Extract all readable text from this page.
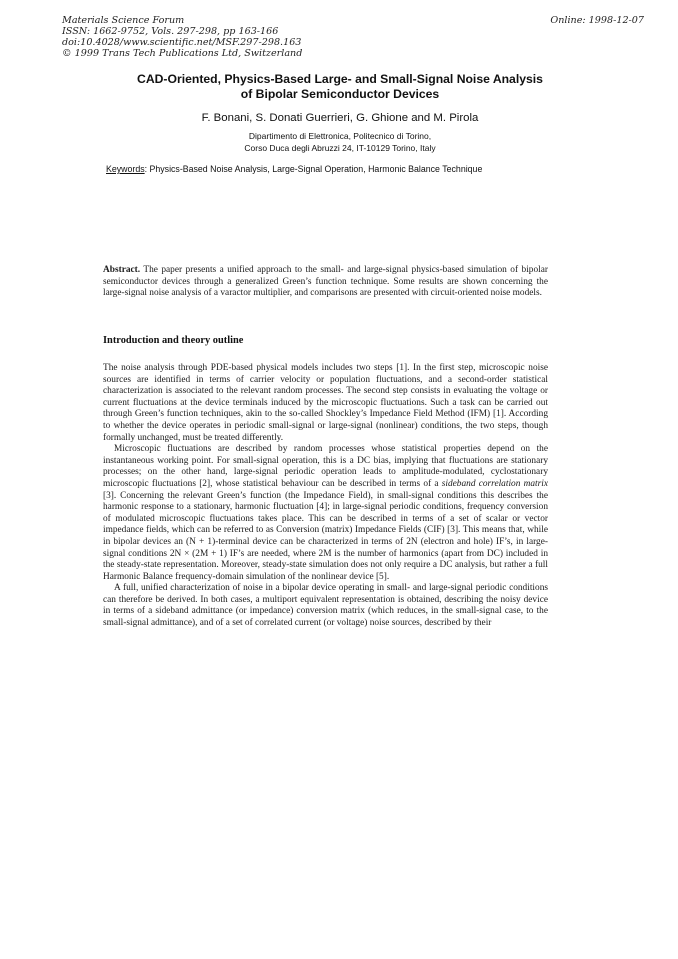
Materials Science Forum
ISSN: 1662-9752, Vols. 297-298, pp 163-166
doi:10.4028/www.scientific.net/MSF.297-298.163
© 1999 Trans Tech Publications Ltd, Switzerland
Online: 1998-12-07
CAD-Oriented, Physics-Based Large- and Small-Signal Noise Analysis
of Bipolar Semiconductor Devices
F. Bonani, S. Donati Guerrieri, G. Ghione and M. Pirola
Dipartimento di Elettronica, Politecnico di Torino,
Corso Duca degli Abruzzi 24, IT-10129 Torino, Italy
Keywords: Physics-Based Noise Analysis, Large-Signal Operation, Harmonic Balance Technique
Abstract. The paper presents a unified approach to the small- and large-signal physics-based simulation of bipolar semiconductor devices through a generalized Green’s function technique. Some results are shown concerning the large-signal noise analysis of a varactor multiplier, and comparisons are presented with circuit-oriented noise models.
Introduction and theory outline

The noise analysis through PDE-based physical models includes two steps [1]. In the first step, microscopic noise sources are identified in terms of carrier velocity or population fluctuations, and a second-order statistical characterization is associated to the relevant random processes. The second step consists in evaluating the voltage or current fluctuations at the device terminals induced by the microscopic fluctuations. Such a task can be carried out through Green’s function techniques, akin to the so-called Shockley’s Impedance Field Method (IFM) [1]. According to whether the device operates in periodic small-signal or large-signal (nonlinear) conditions, the two steps, though formally unchanged, must be treated differently.

Microscopic fluctuations are described by random processes whose statistical properties depend on the instantaneous working point. For small-signal operation, this is a DC bias, implying that fluctuations are stationary processes; on the other hand, large-signal periodic operation leads to amplitude-modulated, cyclostationary microscopic fluctuations [2], whose statistical behaviour can be described in terms of a sideband correlation matrix [3]. Concerning the relevant Green’s function (the Impedance Field), in small-signal conditions this describes the harmonic response to a stationary, harmonic fluctuation [4]; in large-signal periodic conditions, frequency conversion of modulated microscopic fluctuations takes place. This can be described in terms of a set of scalar or vector impedance fields, which can be referred to as Conversion (matrix) Impedance Fields (CIF) [3]. This means that, while in bipolar devices an (N + 1)-terminal device can be characterized in terms of 2N (electron and hole) IF’s, in large-signal conditions 2N × (2M + 1) IF’s are needed, where 2M is the number of harmonics (apart from DC) included in the steady-state representation. Moreover, steady-state simulation does not only require a DC analysis, but rather a full Harmonic Balance frequency-domain simulation of the nonlinear device [5].

A full, unified characterization of noise in a bipolar device operating in small- and large-signal periodic conditions can therefore be derived. In both cases, a multiport equivalent representation is obtained, describing the noisy device in terms of a sideband admittance (or impedance) conversion matrix (which reduces, in the small-signal case, to the small-signal admittance), and of a set of correlated current (or voltage) noise sources, described by their
